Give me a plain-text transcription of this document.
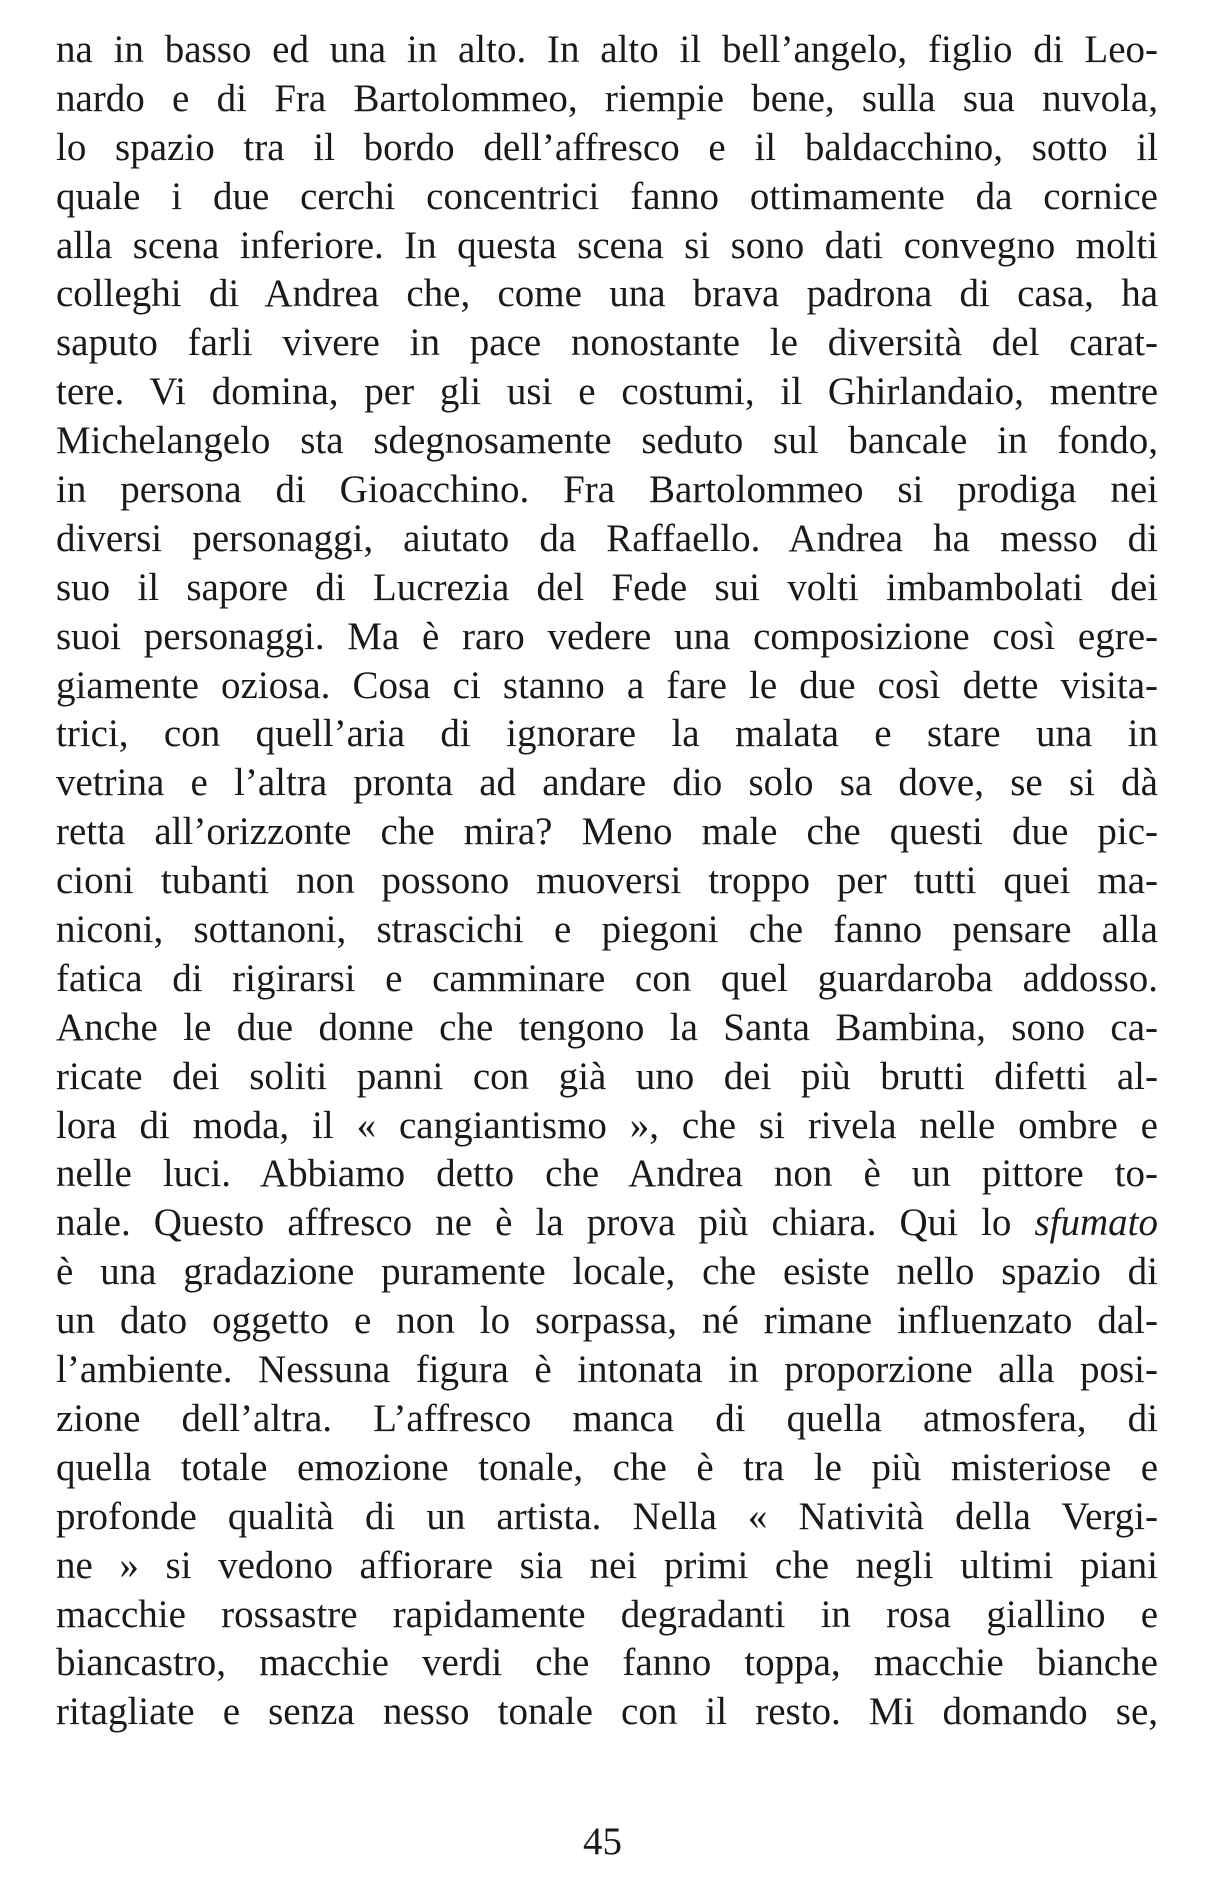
na in basso ed una in alto. In alto il bell’angelo, figlio di Leo-
nardo e di Fra Bartolommeo, riempie bene, sulla sua nuvola,
lo spazio tra il bordo dell’affresco e il baldacchino, sotto il
quale i due cerchi concentrici fanno ottimamente da cornice
alla scena inferiore. In questa scena si sono dati convegno molti
colleghi di Andrea che, come una brava padrona di casa, ha
saputo farli vivere in pace nonostante le diversità del carat-
tere. Vi domina, per gli usi e costumi, il Ghirlandaio, mentre
Michelangelo sta sdegnosamente seduto sul bancale in fondo,
in persona di Gioacchino. Fra Bartolommeo si prodiga nei
diversi personaggi, aiutato da Raffaello. Andrea ha messo di
suo il sapore di Lucrezia del Fede sui volti imbambolati dei
suoi personaggi. Ma è raro vedere una composizione così egre-
giamente oziosa. Cosa ci stanno a fare le due così dette visita-
trici, con quell’aria di ignorare la malata e stare una in
vetrina e l’altra pronta ad andare dio solo sa dove, se si dà
retta all’orizzonte che mira? Meno male che questi due pic-
cioni tubanti non possono muoversi troppo per tutti quei ma-
niconi, sottanoni, strascichi e piegoni che fanno pensare alla
fatica di rigirarsi e camminare con quel guardaroba addosso.
Anche le due donne che tengono la Santa Bambina, sono ca-
ricate dei soliti panni con già uno dei più brutti difetti al-
lora di moda, il « cangiantismo », che si rivela nelle ombre e
nelle luci. Abbiamo detto che Andrea non è un pittore to-
nale. Questo affresco ne è la prova più chiara. Qui lo sfumato
è una gradazione puramente locale, che esiste nello spazio di
un dato oggetto e non lo sorpassa, né rimane influenzato dal-
l’ambiente. Nessuna figura è intonata in proporzione alla posi-
zione dell’altra. L’affresco manca di quella atmosfera, di
quella totale emozione tonale, che è tra le più misteriose e
profonde qualità di un artista. Nella « Natività della Vergi-
ne » si vedono affiorare sia nei primi che negli ultimi piani
macchie rossastre rapidamente degradanti in rosa giallino e
biancastro, macchie verdi che fanno toppa, macchie bianche
ritagliate e senza nesso tonale con il resto. Mi domando se,

45
